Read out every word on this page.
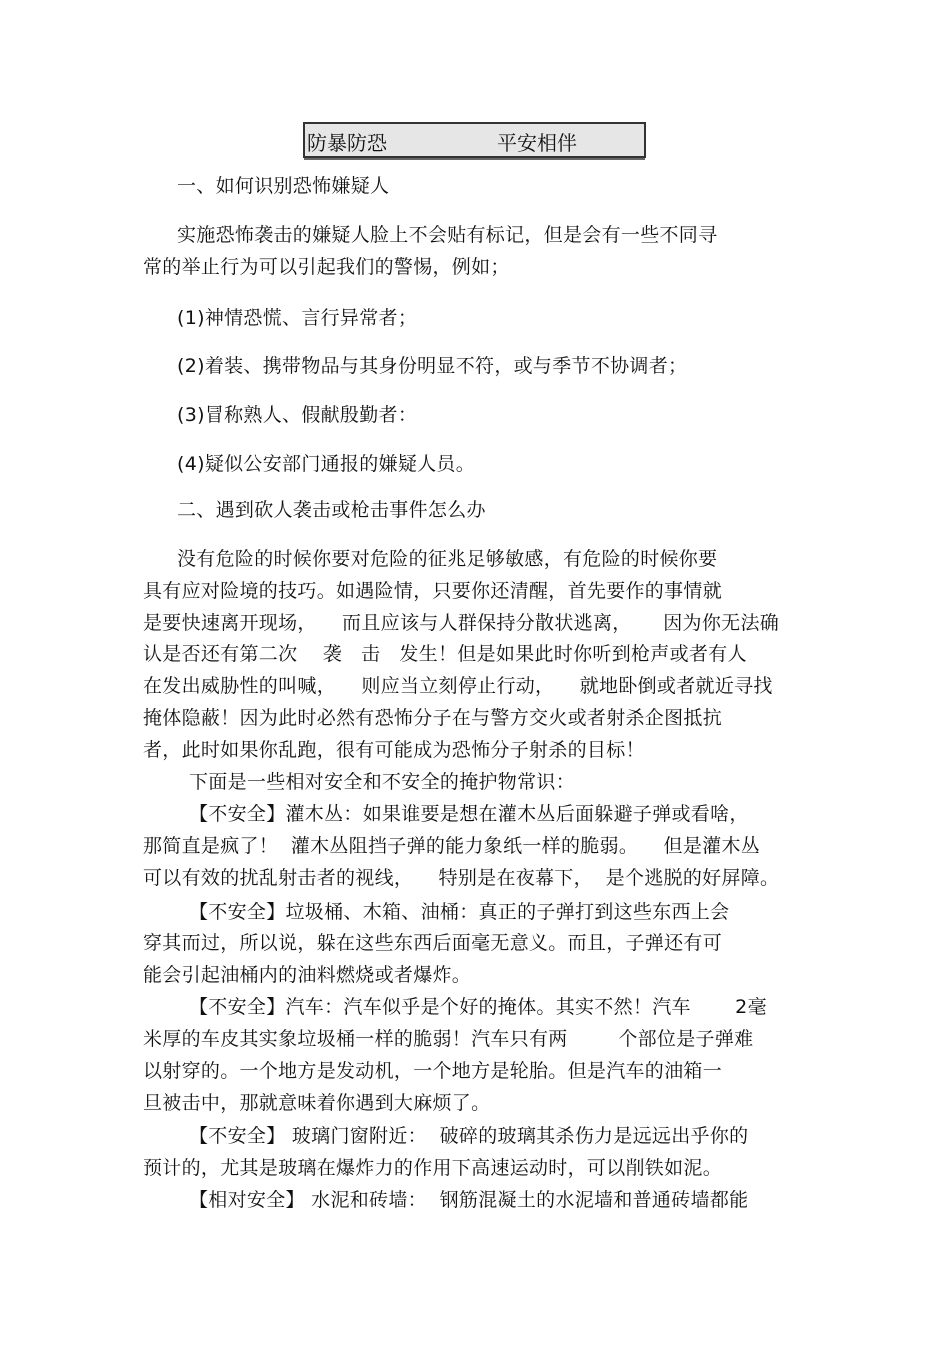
防暴防恐	平安相伴
一、如何识别恐怖嫌疑人
实施恐怖袭击的嫌疑人脸上不会贴有标记，但是会有一些不同寻
常的举止行为可以引起我们的警惕，例如；
(1)神情恐慌、言行异常者；
(2)着装、携带物品与其身份明显不符，或与季节不协调者；
(3)冒称熟人、假献殷勤者：
(4)疑似公安部门通报的嫌疑人员。
二、遇到砍人袭击或枪击事件怎么办
没有危险的时候你要对危险的征兆足够敏感，有危险的时候你要
具有应对险境的技巧。如遇险情，只要你还清醒，首先要作的事情就
是要快速离开现场，    而且应该与人群保持分散状逃离，     因为你无法确
认是否还有第二次    袭   击   发生！但是如果此时你听到枪声或者有人
在发出威胁性的叫喊，    则应当立刻停止行动，    就地卧倒或者就近寻找
掩体隐蔽！因为此时必然有恐怖分子在与警方交火或者射杀企图抵抗
者，此时如果你乱跑，很有可能成为恐怖分子射杀的目标！
下面是一些相对安全和不安全的掩护物常识：
【不安全】灌木丛：如果谁要是想在灌木丛后面躲避子弹或看啥，
那简直是疯了！  灌木丛阻挡子弹的能力象纸一样的脆弱。    但是灌木丛
可以有效的扰乱射击者的视线，    特别是在夜幕下，  是个逃脱的好屏障。
【不安全】垃圾桶、木箱、油桶：真正的子弹打到这些东西上会
穿其而过，所以说，躲在这些东西后面毫无意义。而且，子弹还有可
能会引起油桶内的油料燃烧或者爆炸。
【不安全】汽车：汽车似乎是个好的掩体。其实不然！汽车       2毫
米厚的车皮其实象垃圾桶一样的脆弱！汽车只有两        个部位是子弹难
以射穿的。一个地方是发动机，一个地方是轮胎。但是汽车的油箱一
旦被击中，那就意味着你遇到大麻烦了。
【不安全】 玻璃门窗附近：  破碎的玻璃其杀伤力是远远出乎你的
预计的，尤其是玻璃在爆炸力的作用下高速运动时，可以削铁如泥。
【相对安全】 水泥和砖墙：  钢筋混凝土的水泥墙和普通砖墙都能
